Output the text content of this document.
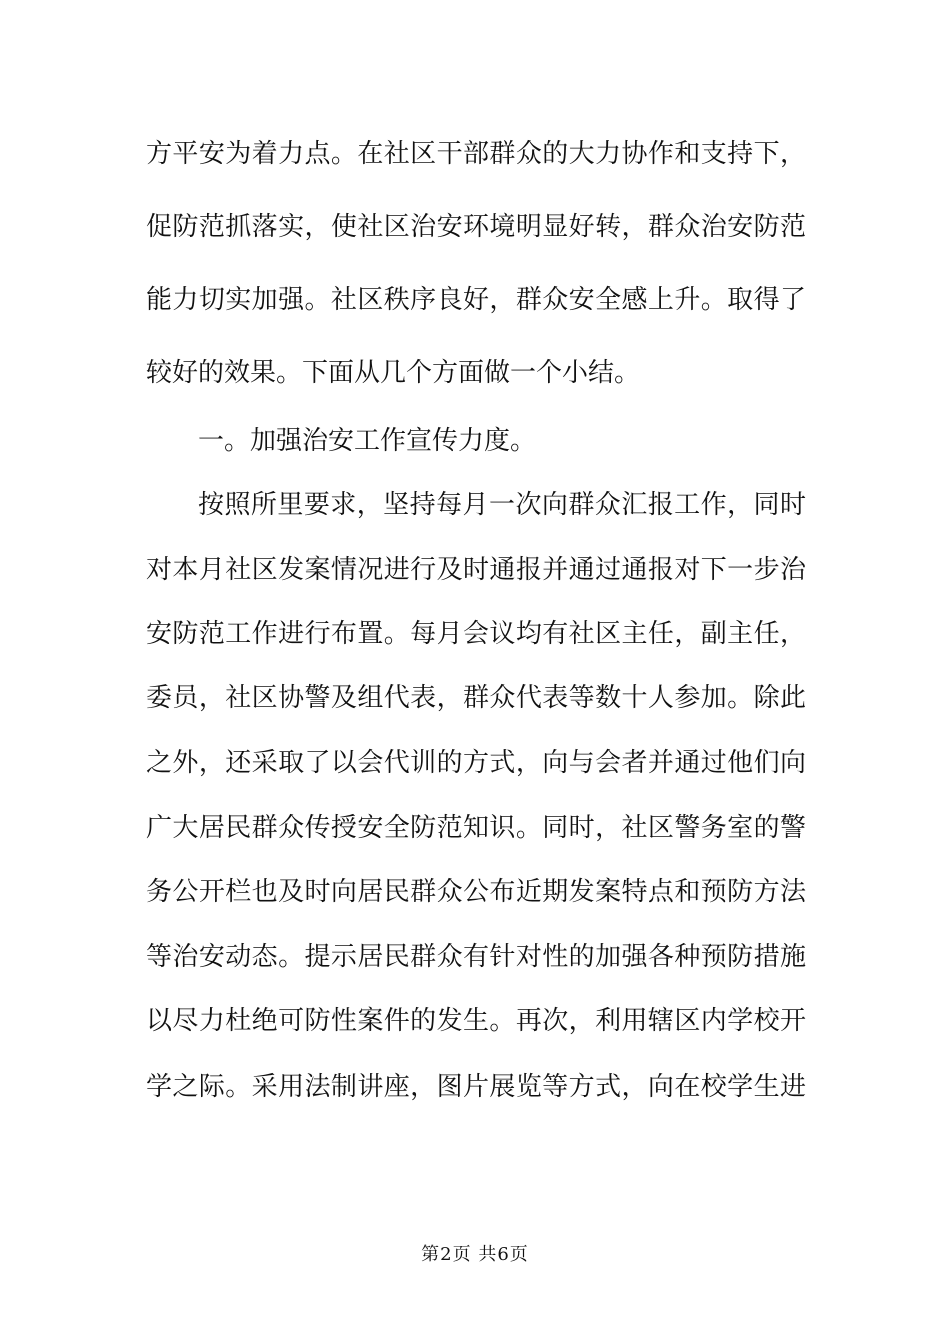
方平安为着力点。在社区干部群众的大力协作和支持下，
促防范抓落实，使社区治安环境明显好转，群众治安防范
能力切实加强。社区秩序良好，群众安全感上升。取得了
较好的效果。下面从几个方面做一个小结。
一。加强治安工作宣传力度。
按照所里要求，坚持每月一次向群众汇报工作，同时
对本月社区发案情况进行及时通报并通过通报对下一步治
安防范工作进行布置。每月会议均有社区主任，副主任，
委员，社区协警及组代表，群众代表等数十人参加。除此
之外，还采取了以会代训的方式，向与会者并通过他们向
广大居民群众传授安全防范知识。同时，社区警务室的警
务公开栏也及时向居民群众公布近期发案特点和预防方法
等治安动态。提示居民群众有针对性的加强各种预防措施
以尽力杜绝可防性案件的发生。再次，利用辖区内学校开
学之际。采用法制讲座，图片展览等方式，向在校学生进
第2页 共6页
